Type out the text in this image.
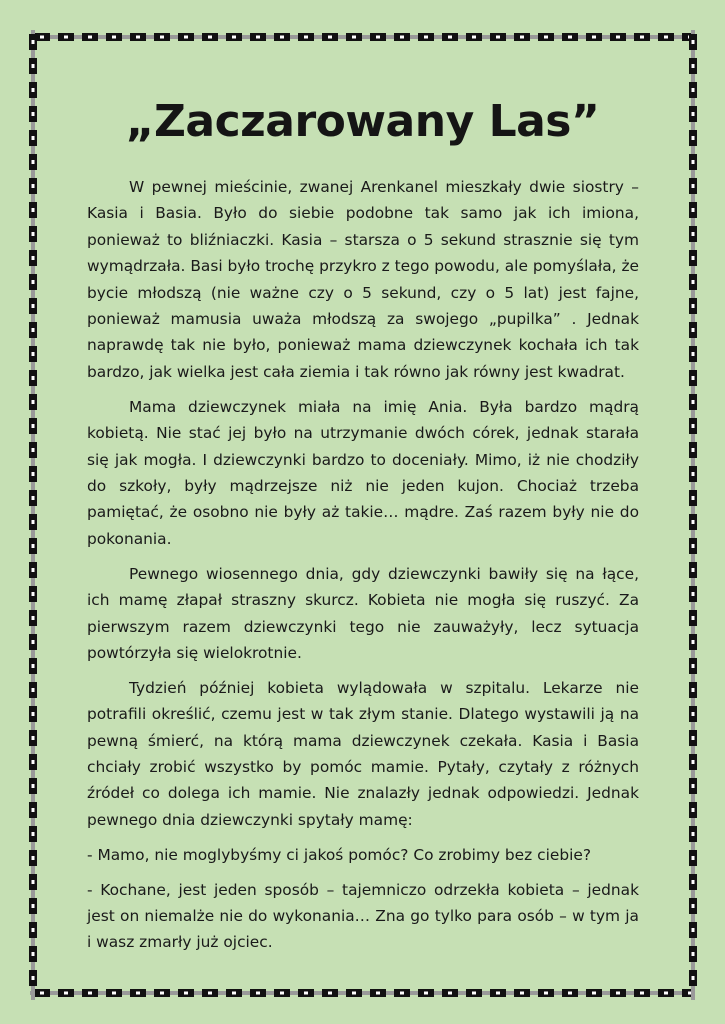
„Zaczarowany Las”

W pewnej mieścinie, zwanej Arenkanel mieszkały dwie siostry – Kasia i Basia. Było do siebie podobne tak samo jak ich imiona, ponieważ to bliźniaczki. Kasia – starsza o 5 sekund strasznie się tym wymądrzała. Basi było trochę przykro z tego powodu, ale pomyślała, że bycie młodszą (nie ważne czy o 5 sekund, czy o 5 lat) jest fajne, ponieważ mamusia uważa młodszą za swojego „pupilka” . Jednak naprawdę tak nie było, ponieważ mama dziewczynek kochała ich tak bardzo, jak wielka jest cała ziemia i tak równo jak równy jest kwadrat.

Mama dziewczynek miała na imię Ania. Była bardzo mądrą kobietą. Nie stać jej było na utrzymanie dwóch córek, jednak starała się jak mogła. I dziewczynki bardzo to doceniały. Mimo, iż nie chodziły do szkoły, były mądrzejsze niż nie jeden kujon. Chociaż trzeba pamiętać, że osobno nie były aż takie… mądre. Zaś razem były nie do pokonania.

Pewnego wiosennego dnia, gdy dziewczynki bawiły się na łące, ich mamę złapał straszny skurcz. Kobieta nie mogła się ruszyć. Za pierwszym razem dziewczynki tego nie zauważyły, lecz sytuacja powtórzyła się wielokrotnie.

Tydzień później kobieta wylądowała w szpitalu. Lekarze nie potrafili określić, czemu jest w tak złym stanie. Dlatego wystawili ją na pewną śmierć, na którą mama dziewczynek czekała. Kasia i Basia chciały zrobić wszystko by pomóc mamie. Pytały, czytały z różnych źródeł co dolega ich mamie. Nie znalazły jednak odpowiedzi. Jednak pewnego dnia dziewczynki spytały mamę:

- Mamo, nie moglybyśmy ci jakoś pomóc? Co zrobimy bez ciebie?

- Kochane, jest jeden sposób – tajemniczo odrzekła kobieta – jednak jest on niemalże nie do wykonania… Zna go tylko para osób – w tym ja i wasz zmarły już ojciec.
